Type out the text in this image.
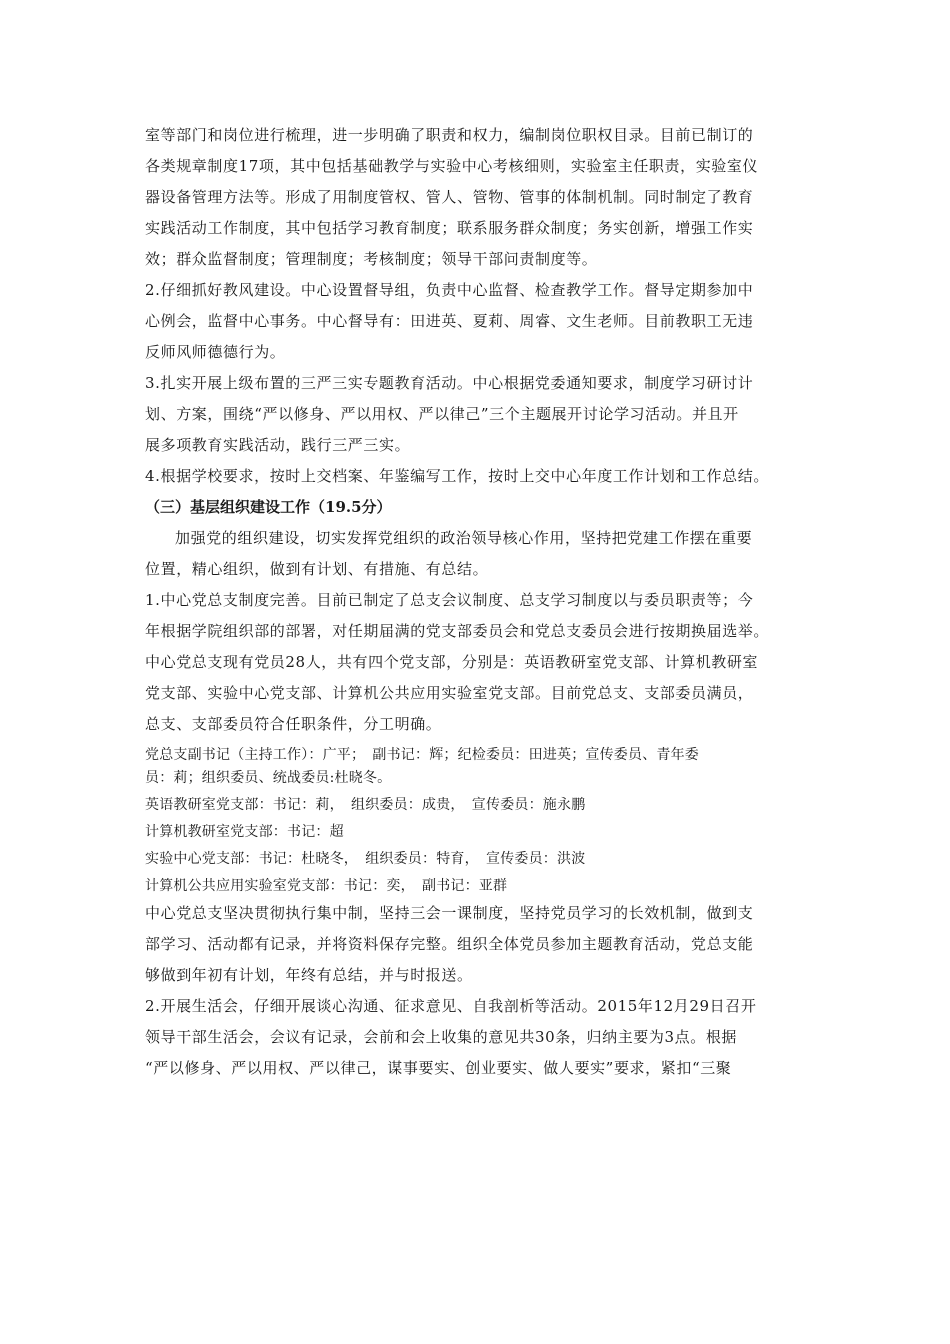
室等部门和岗位进行梳理，进一步明确了职责和权力，编制岗位职权目录。目前已制订的

各类规章制度17项，其中包括基础教学与实验中心考核细则，实验室主任职责，实验室仪

器设备管理方法等。形成了用制度管权、管人、管物、管事的体制机制。同时制定了教育

实践活动工作制度，其中包括学习教育制度；联系服务群众制度；务实创新，增强工作实

效；群众监督制度；管理制度；考核制度；领导干部问责制度等。

2.仔细抓好教风建设。中心设置督导组，负责中心监督、检查教学工作。督导定期参加中

心例会，监督中心事务。中心督导有：田进英、夏莉、周睿、文生老师。目前教职工无违

反师风师德德行为。

3.扎实开展上级布置的三严三实专题教育活动。中心根据党委通知要求，制度学习研讨计

划、方案，围绕“严以修身、严以用权、严以律己”三个主题展开讨论学习活动。并且开

展多项教育实践活动，践行三严三实。

4.根据学校要求，按时上交档案、年鉴编写工作，按时上交中心年度工作计划和工作总结。

（三）基层组织建设工作（19.5分）

加强党的组织建设，切实发挥党组织的政治领导核心作用，坚持把党建工作摆在重要

位置，精心组织，做到有计划、有措施、有总结。

1.中心党总支制度完善。目前已制定了总支会议制度、总支学习制度以与委员职责等；今

年根据学院组织部的部署，对任期届满的党支部委员会和党总支委员会进行按期换届选举。

中心党总支现有党员28人，共有四个党支部，分别是：英语教研室党支部、计算机教研室

党支部、实验中心党支部、计算机公共应用实验室党支部。目前党总支、支部委员满员，

总支、支部委员符合任职条件，分工明确。

党总支副书记（主持工作）：广平；　副书记：辉；纪检委员：田进英；宣传委员、青年委

员：莉；组织委员、统战委员:杜晓冬。

英语教研室党支部：书记：莉，　组织委员：成贵，　宣传委员：施永鹏

计算机教研室党支部：书记：超

实验中心党支部：书记：杜晓冬，　组织委员：特育，　宣传委员：洪波

计算机公共应用实验室党支部：书记：奕，　副书记：亚群

中心党总支坚决贯彻执行集中制，坚持三会一课制度，坚持党员学习的长效机制，做到支

部学习、活动都有记录，并将资料保存完整。组织全体党员参加主题教育活动，党总支能

够做到年初有计划，年终有总结，并与时报送。

2.开展生活会，仔细开展谈心沟通、征求意见、自我剖析等活动。2015年12月29日召开

领导干部生活会，会议有记录，会前和会上收集的意见共30条，归纳主要为3点。根据

“严以修身、严以用权、严以律己，谋事要实、创业要实、做人要实”要求，紧扣“三聚
